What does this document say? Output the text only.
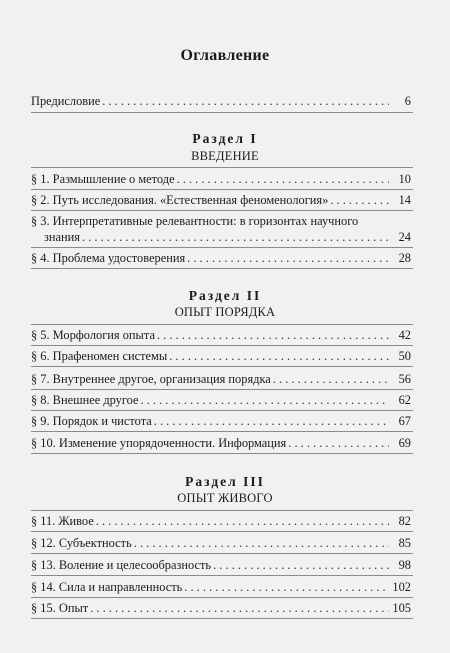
Оглавление
Предисловие . . .	6
Раздел I
ВВЕДЕНИЕ
§ 1. Размышление о методе . . .	10
§ 2. Путь исследования. «Естественная феноменология» . . .	14
§ 3. Интерпретативные релевантности: в горизонтах научного
знания . . .	24
§ 4. Проблема удостоверения . . .	28
Раздел II
ОПЫТ ПОРЯДКА
§ 5. Морфология опыта . . .	42
§ 6. Прафеномен системы . . .	50
§ 7. Внутреннее другое, организация порядка . . .	56
§ 8. Внешнее другое . . .	62
§ 9. Порядок и чистота . . .	67
§ 10. Изменение упорядоченности. Информация . . .	69
Раздел III
ОПЫТ ЖИВОГО
§ 11. Живое . . .	82
§ 12. Субъектность . . .	85
§ 13. Воление и целесообразность . . .	98
§ 14. Сила и направленность . . .	102
§ 15. Опыт . . .	105
